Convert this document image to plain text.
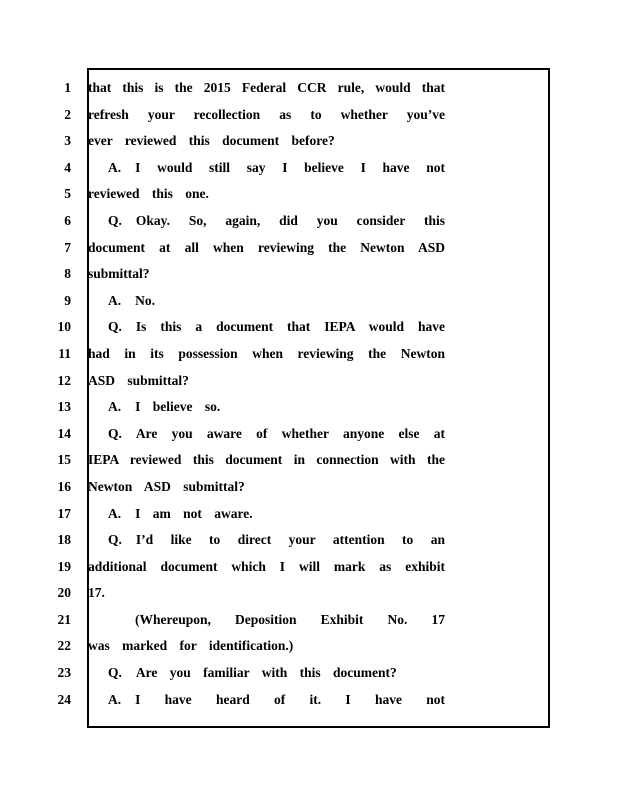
1 that this is the 2015 Federal CCR rule, would that
2 refresh your recollection as to whether you’ve
3 ever reviewed this document before?
4	A. I would still say I believe I have not
5 reviewed this one.
6	Q. Okay. So, again, did you consider this
7 document at all when reviewing the Newton ASD
8 submittal?
9	A. No.
10	Q. Is this a document that IEPA would have
11 had in its possession when reviewing the Newton
12 ASD submittal?
13	A. I believe so.
14	Q. Are you aware of whether anyone else at
15 IEPA reviewed this document in connection with the
16 Newton ASD submittal?
17	A. I am not aware.
18	Q. I’d like to direct your attention to an
19 additional document which I will mark as exhibit
20 17.
21	(Whereupon, Deposition Exhibit No. 17
22 was marked for identification.)
23	Q. Are you familiar with this document?
24	A. I have heard of it. I have not
